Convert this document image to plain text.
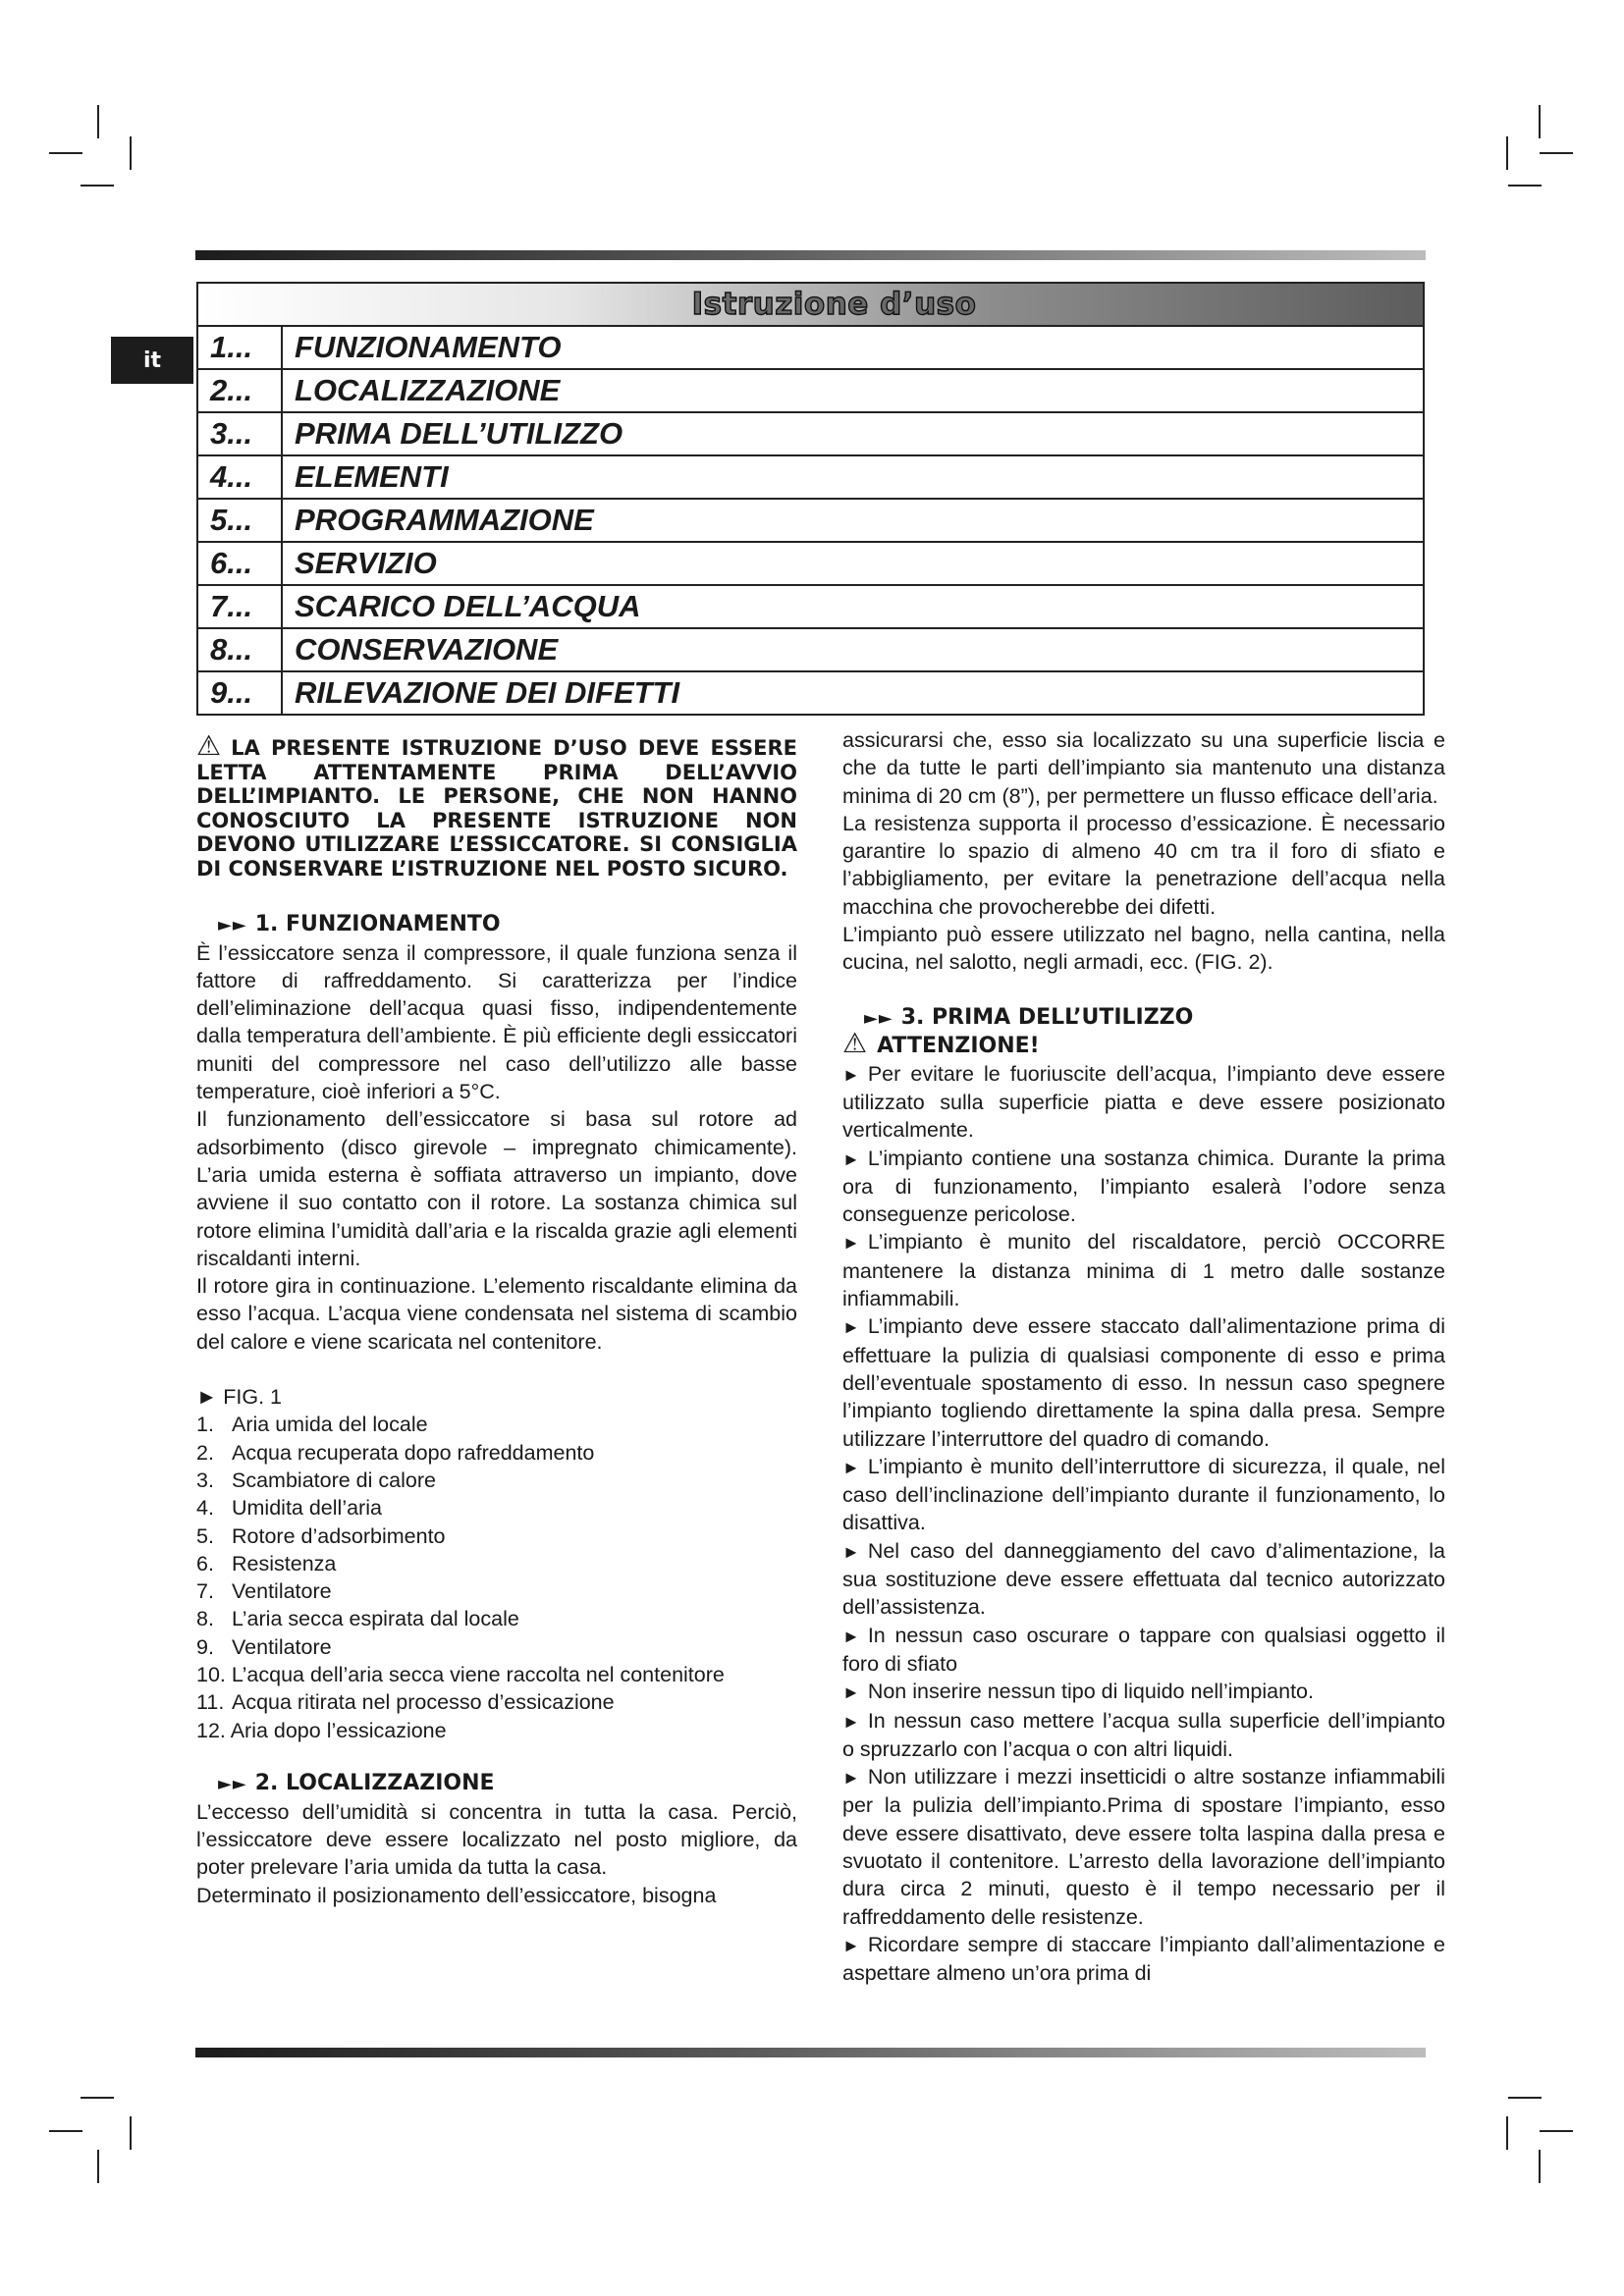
it
Istruzione d’uso
1...	FUNZIONAMENTO
2...	LOCALIZZAZIONE
3...	PRIMA DELL’UTILIZZO
4...	ELEMENTI
5...	PROGRAMMAZIONE
6...	SERVIZIO
7...	SCARICO DELL’ACQUA
8...	CONSERVAZIONE
9...	RILEVAZIONE DEI DIFETTI

⚠ LA PRESENTE ISTRUZIONE D’USO DEVE ESSERE LETTA ATTENTAMENTE PRIMA DELL’AVVIO DELL’IMPIANTO. LE PERSONE, CHE NON HANNO CONOSCIUTO LA PRESENTE ISTRUZIONE NON DEVONO UTILIZZARE L’ESSICCATORE. SI CONSIGLIA DI CONSERVARE L’ISTRUZIONE NEL POSTO SICURO.

►► 1. FUNZIONAMENTO

È l’essiccatore senza il compressore, il quale funziona senza il fattore di raffreddamento. Si caratterizza per l’indice dell’eliminazione dell’acqua quasi fisso, indipendentemente dalla temperatura dell’ambiente. È più efficiente degli essiccatori muniti del compressore nel caso dell’utilizzo alle basse temperature, cioè inferiori a 5°C.

Il funzionamento dell’essiccatore si basa sul rotore ad adsorbimento (disco girevole – impregnato chimicamente). L’aria umida esterna è soffiata attraverso un impianto, dove avviene il suo contatto con il rotore. La sostanza chimica sul rotore elimina l’umidità dall’aria e la riscalda grazie agli elementi riscaldanti interni.

Il rotore gira in continuazione. L’elemento riscaldante elimina da esso l’acqua. L’acqua viene condensata nel sistema di scambio del calore e viene scaricata nel contenitore.

► FIG. 1

1. Aria umida del locale
2. Acqua recuperata dopo rafreddamento
3. Scambiatore di calore
4. Umidita dell’aria
5. Rotore d’adsorbimento
6. Resistenza
7. Ventilatore
8. L’aria secca espirata dal locale
9. Ventilatore
10. L’acqua dell’aria secca viene raccolta nel contenitore
11. Acqua ritirata nel processo d’essicazione
12. Aria dopo l’essicazione

►► 2. LOCALIZZAZIONE

L’eccesso dell’umidità si concentra in tutta la casa. Perciò, l’essiccatore deve essere localizzato nel posto migliore, da poter prelevare l’aria umida da tutta la casa.

Determinato il posizionamento dell’essiccatore, bisogna

assicurarsi che, esso sia localizzato su una superficie liscia e che da tutte le parti dell’impianto sia mantenuto una distanza minima di 20 cm (8”), per permettere un flusso efficace dell’aria.

La resistenza supporta il processo d’essicazione. È necessario garantire lo spazio di almeno 40 cm tra il foro di sfiato e l’abbigliamento, per evitare la penetrazione dell’acqua nella macchina che provocherebbe dei difetti.

L’impianto può essere utilizzato nel bagno, nella cantina, nella cucina, nel salotto, negli armadi, ecc. (FIG. 2).

►► 3. PRIMA DELL’UTILIZZO

⚠ ATTENZIONE!

► Per evitare le fuoriuscite dell’acqua, l’impianto deve essere utilizzato sulla superficie piatta e deve essere posizionato verticalmente.

► L’impianto contiene una sostanza chimica. Durante la prima ora di funzionamento, l’impianto esalerà l’odore senza conseguenze pericolose.

► L’impianto è munito del riscaldatore, perciò OCCORRE mantenere la distanza minima di 1 metro dalle sostanze infiammabili.

► L’impianto deve essere staccato dall’alimentazione prima di effettuare la pulizia di qualsiasi componente di esso e prima dell’eventuale spostamento di esso. In nessun caso spegnere l’impianto togliendo direttamente la spina dalla presa. Sempre utilizzare l’interruttore del quadro di comando.

► L’impianto è munito dell’interruttore di sicurezza, il quale, nel caso dell’inclinazione dell’impianto durante il funzionamento, lo disattiva.

► Nel caso del danneggiamento del cavo d’alimentazione, la sua sostituzione deve essere effettuata dal tecnico autorizzato dell’assistenza.

► In nessun caso oscurare o tappare con qualsiasi oggetto il foro di sfiato

► Non inserire nessun tipo di liquido nell’impianto.

► In nessun caso mettere l’acqua sulla superficie dell’impianto o spruzzarlo con l’acqua o con altri liquidi.

► Non utilizzare i mezzi insetticidi o altre sostanze infiammabili per la pulizia dell’impianto.Prima di spostare l’impianto, esso deve essere disattivato, deve essere tolta laspina dalla presa e svuotato il contenitore. L’arresto della lavorazione dell’impianto dura circa 2 minuti, questo è il tempo necessario per il raffreddamento delle resistenze.

► Ricordare sempre di staccare l’impianto dall’alimentazione e aspettare almeno un’ora prima di
